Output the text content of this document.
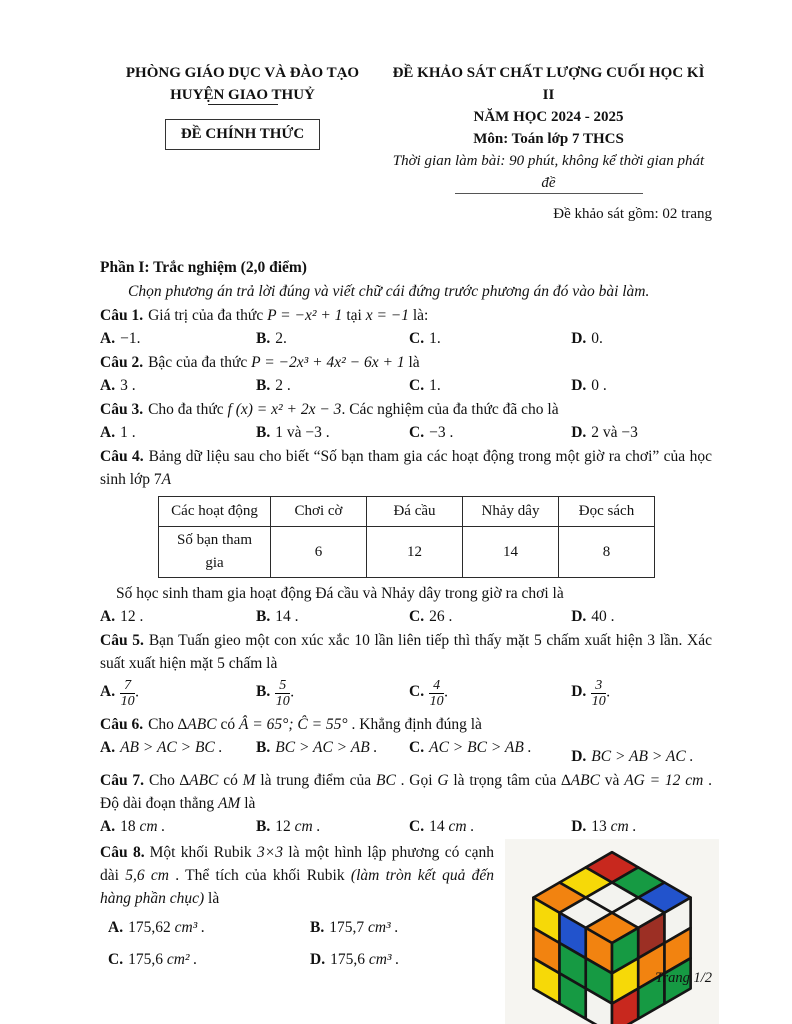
PHÒNG GIÁO DỤC VÀ ĐÀO TẠO
HUYỆN GIAO THUỶ
ĐỀ CHÍNH THỨC
ĐỀ KHẢO SÁT CHẤT LƯỢNG CUỐI HỌC KÌ II
NĂM HỌC 2024 - 2025
Môn: Toán lớp 7 THCS
Thời gian làm bài: 90 phút, không kể thời gian phát đề
Đề khảo sát gồm: 02 trang
Phần I: Trắc nghiệm (2,0 điểm)
Chọn phương án trả lời đúng và viết chữ cái đứng trước phương án đó vào bài làm.
Câu 1. Giá trị của đa thức P = −x² + 1 tại x = −1 là:
A. −1.	B. 2.	C. 1.	D. 0.
Câu 2. Bậc của đa thức P = −2x³ + 4x² − 6x + 1 là
A. 3 .	B. 2 .	C. 1.	D. 0 .
Câu 3. Cho đa thức f (x) = x² + 2x − 3. Các nghiệm của đa thức đã cho là
A. 1 .	B. 1 và −3 .	C. −3 .	D. 2 và −3
Câu 4. Bảng dữ liệu sau cho biết “Số bạn tham gia các hoạt động trong một giờ ra chơi” của học sinh lớp 7A
Các hoạt động	Chơi cờ	Đá cầu	Nhảy dây	Đọc sách
Số bạn tham gia	6	12	14	8
Số học sinh tham gia hoạt động Đá cầu và Nhảy dây trong giờ ra chơi là
A. 12 .	B. 14 .	C. 26 .	D. 40 .
Câu 5. Bạn Tuấn gieo một con xúc xắc 10 lần liên tiếp thì thấy mặt 5 chấm xuất hiện 3 lần. Xác suất xuất hiện mặt 5 chấm là
A. $\frac{7}{10}$ .	B. $\frac{5}{10}$ .	C. $\frac{4}{10}$ .	D. $\frac{3}{10}$ .
Câu 6. Cho ∆ABC có Â = 65°; Ĉ = 55° . Khẳng định đúng là
A. AB > AC > BC .	B. BC > AC > AB .	C. AC > BC > AB .
D. BC > AB > AC .
Câu 7. Cho ∆ABC có M là trung điểm của BC . Gọi G là trọng tâm của ∆ABC và AG = 12 cm . Độ dài đoạn thẳng AM là
A. 18 cm .	B. 12 cm .	C. 14 cm .	D. 13 cm .
Câu 8. Một khối Rubik 3×3 là một hình lập phương có cạnh dài 5,6 cm . Thể tích của khối Rubik (làm tròn kết quả đến hàng phần chục) là
A. 175,62 cm³ .	B. 175,7 cm³ .
C. 175,6 cm² .	D. 175,6 cm³ .
Trang 1/2
